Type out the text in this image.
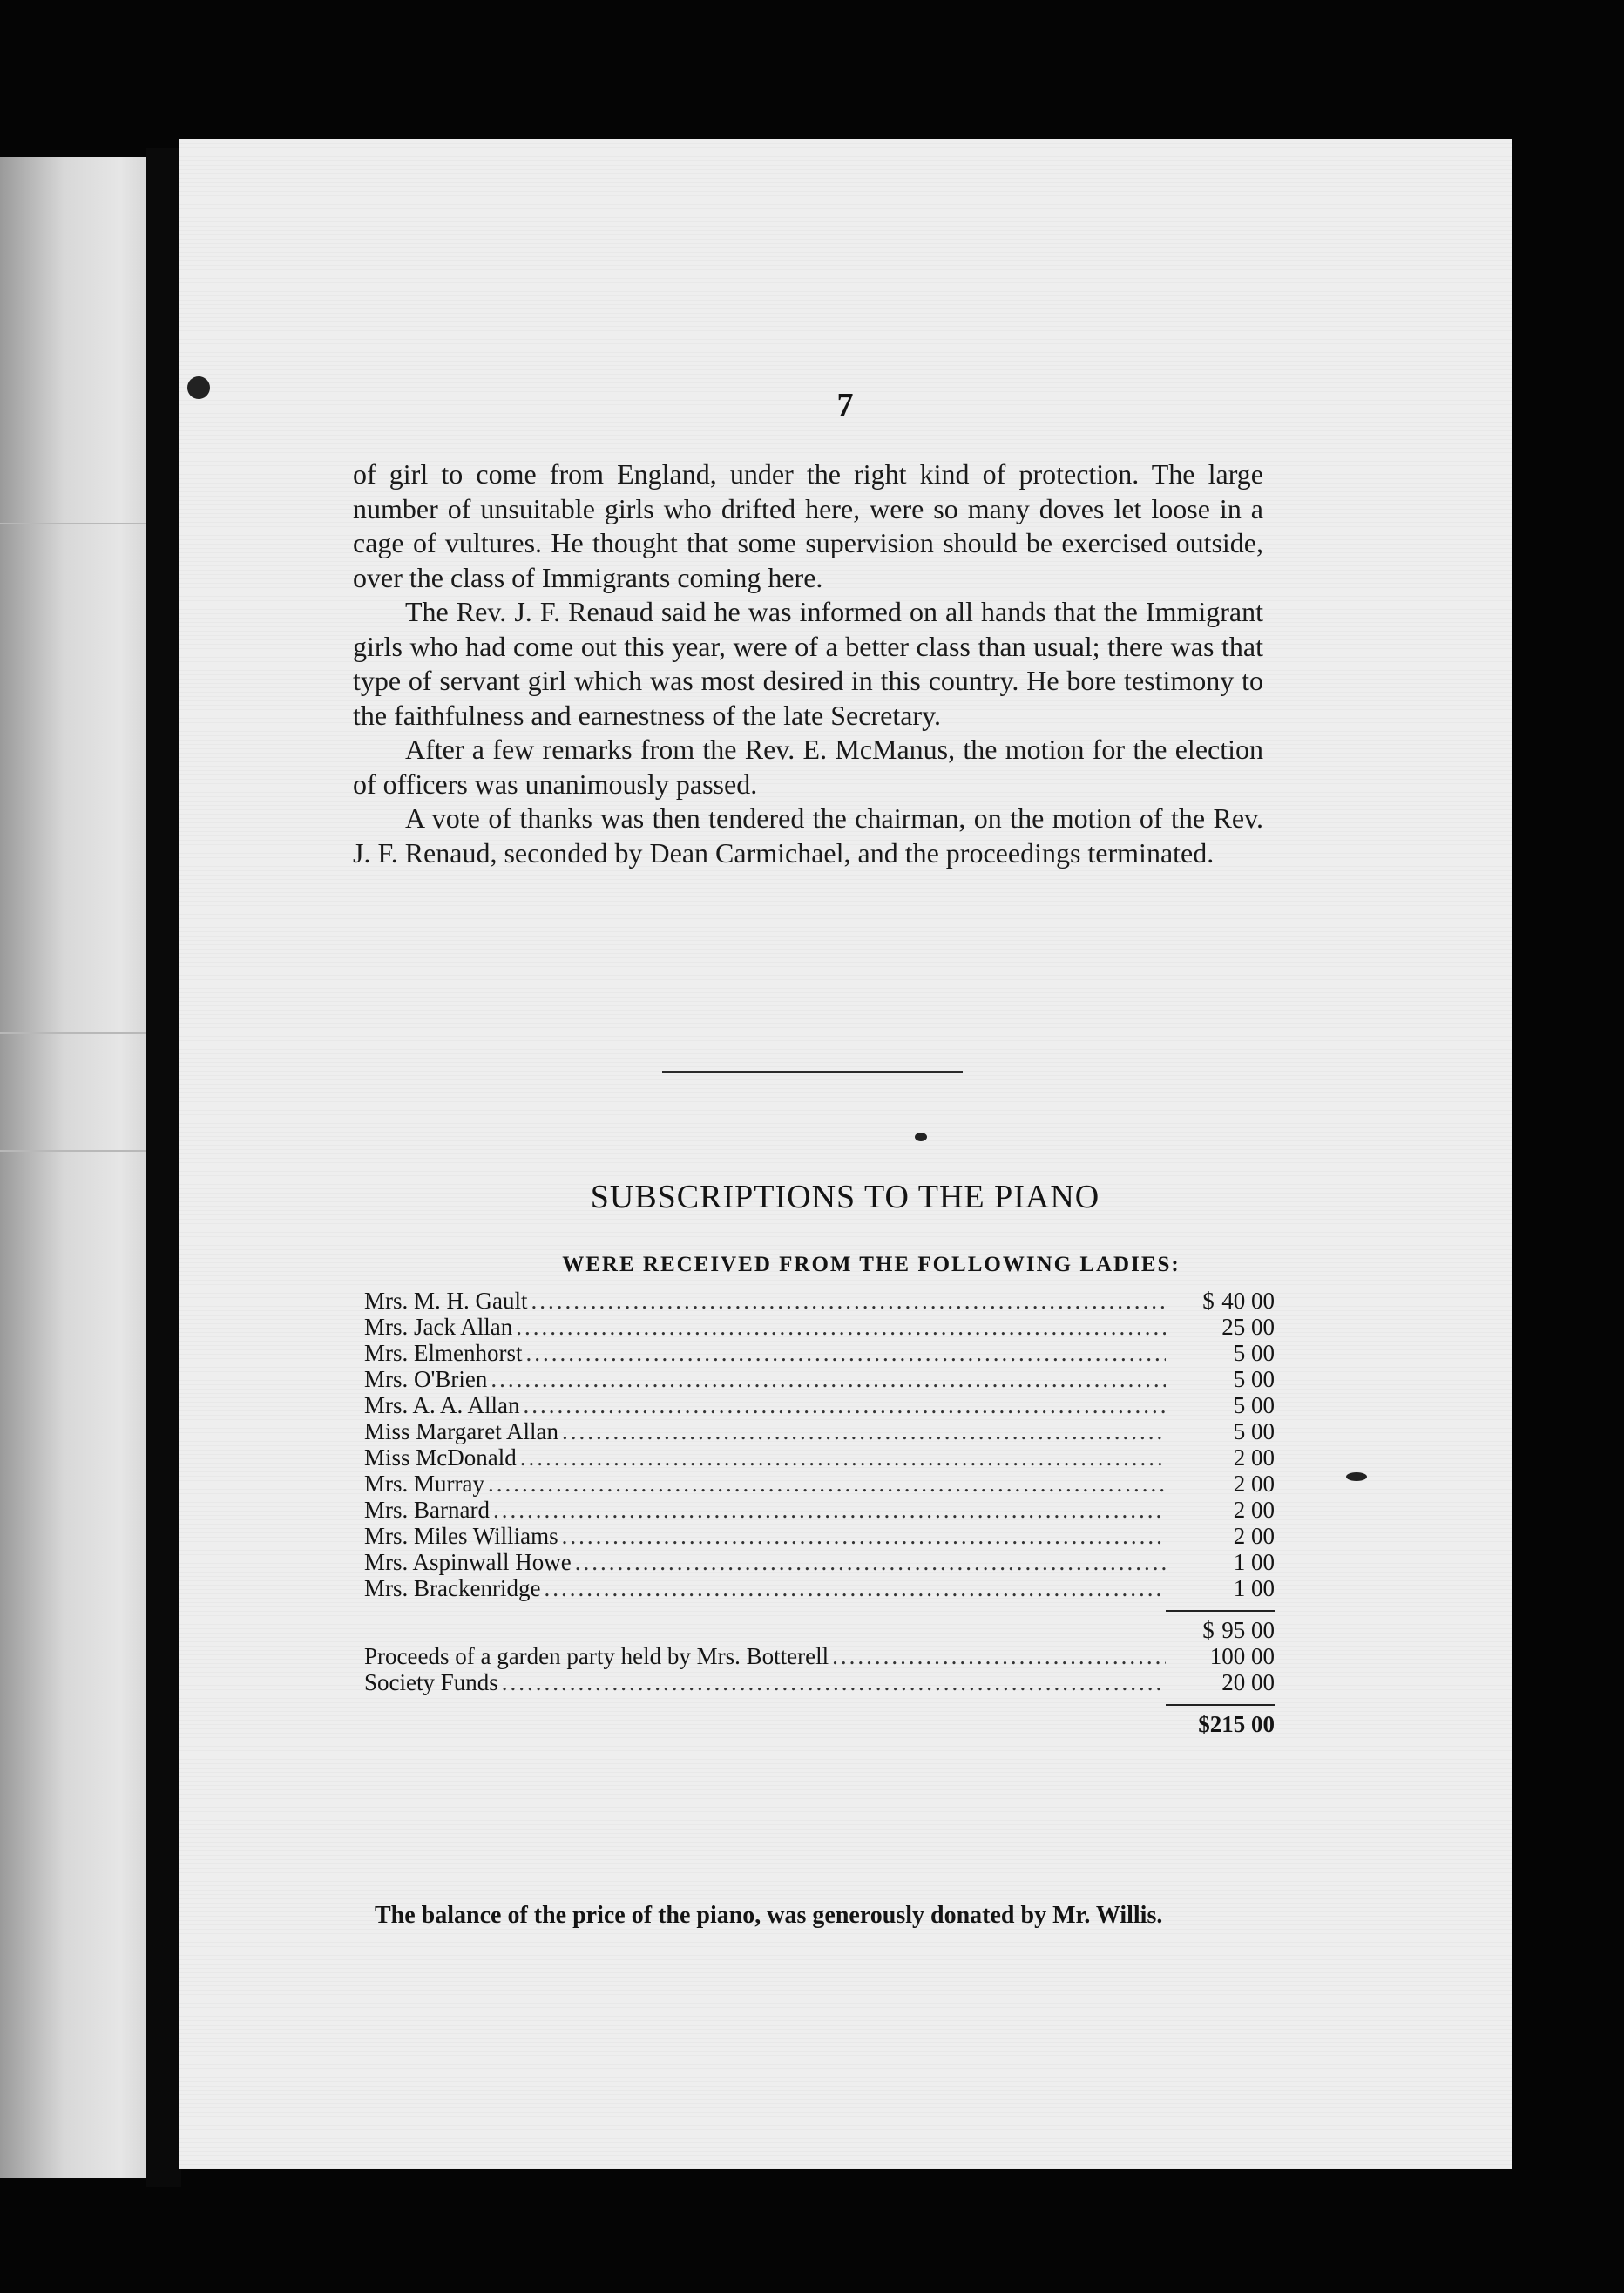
7

of girl to come from England, under the right kind of protection. The large number of unsuitable girls who drifted here, were so many doves let loose in a cage of vultures. He thought that some supervision should be exercised outside, over the class of Immigrants coming here.

The Rev. J. F. Renaud said he was informed on all hands that the Immigrant girls who had come out this year, were of a better class than usual; there was that type of servant girl which was most desired in this country. He bore testimony to the faithfulness and earnestness of the late Secretary.

After a few remarks from the Rev. E. McManus, the motion for the election of officers was unanimously passed.

A vote of thanks was then tendered the chairman, on the motion of the Rev. J. F. Renaud, seconded by Dean Carmichael, and the proceedings terminated.

SUBSCRIPTIONS TO THE PIANO
WERE RECEIVED FROM THE FOLLOWING LADIES:
Mrs. M. H. Gault .....	$ 40 00
Mrs. Jack Allan .....	25 00
Mrs. Elmenhorst .....	5 00
Mrs. O'Brien .....	5 00
Mrs. A. A. Allan .....	5 00
Miss Margaret Allan .....	5 00
Miss McDonald .....	2 00
Mrs. Murray .....	2 00
Mrs. Barnard .....	2 00
Mrs. Miles Williams .....	2 00
Mrs. Aspinwall Howe .....	1 00
Mrs. Brackenridge .....	1 00
$ 95 00
Proceeds of a garden party held by Mrs. Botterell .....	100 00
Society Funds .....	20 00
$215 00
The balance of the price of the piano, was generously donated by Mr. Willis.
